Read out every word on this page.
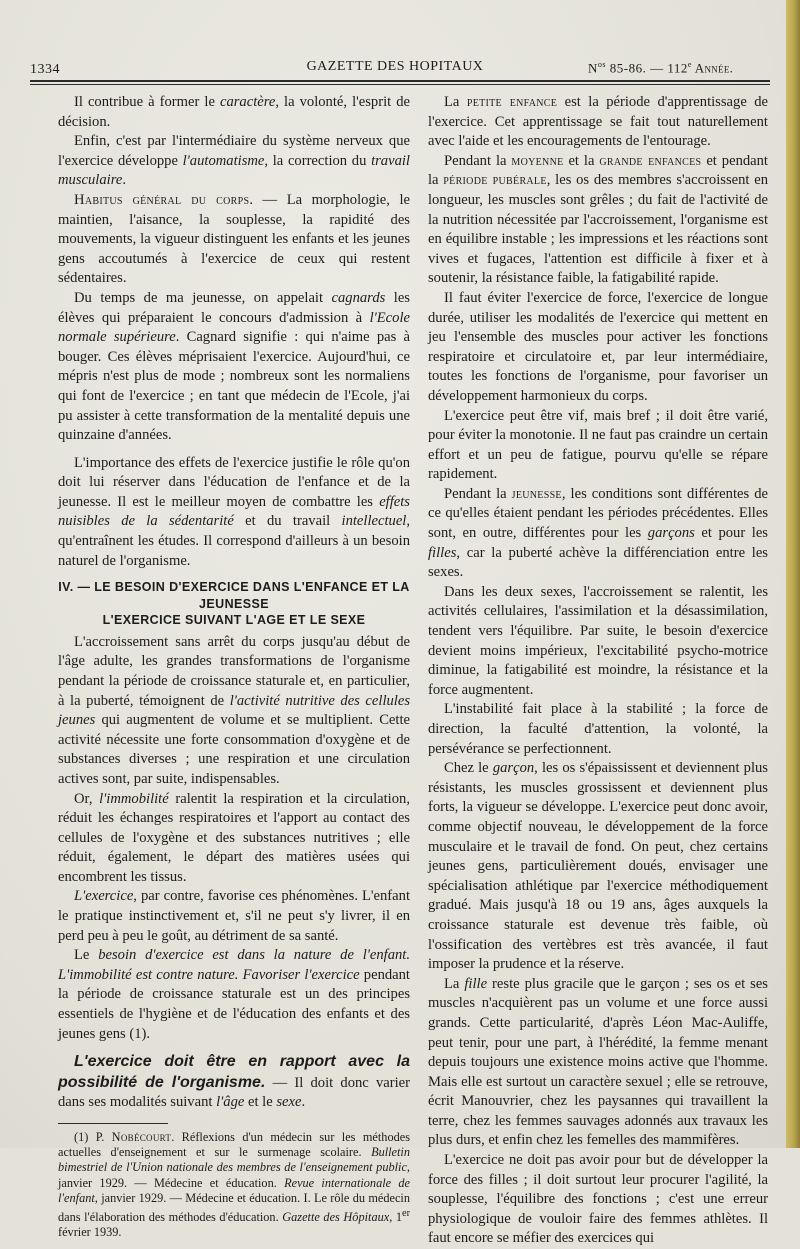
1334	GAZETTE DES HOPITAUX	$N^{os}$ 85-86. — 112e Année.

Il contribue à former le caractère, la volonté, l'esprit de décision.

Enfin, c'est par l'intermédiaire du système nerveux que l'exercice développe l'automatisme, la correction du travail musculaire.

Habitus général du corps. — La morphologie, le maintien, l'aisance, la souplesse, la rapidité des mouvements, la vigueur distinguent les enfants et les jeunes gens accoutumés à l'exercice de ceux qui restent sédentaires.

Du temps de ma jeunesse, on appelait cagnards les élèves qui préparaient le concours d'admission à l'Ecole normale supérieure. Cagnard signifie : qui n'aime pas à bouger. Ces élèves méprisaient l'exercice. Aujourd'hui, ce mépris n'est plus de mode ; nombreux sont les normaliens qui font de l'exercice ; en tant que médecin de l'Ecole, j'ai pu assister à cette transformation de la mentalité depuis une quinzaine d'années.

L'importance des effets de l'exercice justifie le rôle qu'on doit lui réserver dans l'éducation de l'enfance et de la jeunesse. Il est le meilleur moyen de combattre les effets nuisibles de la sédentarité et du travail intellectuel, qu'entraînent les études. Il correspond d'ailleurs à un besoin naturel de l'organisme.

IV. — LE BESOIN D'EXERCICE DANS L'ENFANCE ET LA JEUNESSE
L'EXERCICE SUIVANT L'AGE ET LE SEXE

L'accroissement sans arrêt du corps jusqu'au début de l'âge adulte, les grandes transformations de l'organisme pendant la période de croissance staturale et, en particulier, à la puberté, témoignent de l'activité nutritive des cellules jeunes qui augmentent de volume et se multiplient. Cette activité nécessite une forte consommation d'oxygène et de substances diverses ; une respiration et une circulation actives sont, par suite, indispensables.

Or, l'immobilité ralentit la respiration et la circulation, réduit les échanges respiratoires et l'apport au contact des cellules de l'oxygène et des substances nutritives ; elle réduit, également, le départ des matières usées qui encombrent les tissus.

L'exercice, par contre, favorise ces phénomènes. L'enfant le pratique instinctivement et, s'il ne peut s'y livrer, il en perd peu à peu le goût, au détriment de sa santé.

Le besoin d'exercice est dans la nature de l'enfant. L'immobilité est contre nature. Favoriser l'exercice pendant la période de croissance staturale est un des principes essentiels de l'hygiène et de l'éducation des enfants et des jeunes gens (1).

L'exercice doit être en rapport avec la possibilité de l'organisme. — Il doit donc varier dans ses modalités suivant l'âge et le sexe.

(1) P. Nobécourt. Réflexions d'un médecin sur les méthodes actuelles d'enseignement et sur le surmenage scolaire. Bulletin bimestriel de l'Union nationale des membres de l'enseignement public, janvier 1929. — Médecine et éducation. Revue internationale de l'enfant, janvier 1929. — Médecine et éducation. I. Le rôle du médecin dans l'élaboration des méthodes d'éducation. Gazette des Hôpitaux, 1er février 1939.

La petite enfance est la période d'apprentissage de l'exercice. Cet apprentissage se fait tout naturellement avec l'aide et les encouragements de l'entourage.

Pendant la moyenne et la grande enfances et pendant la période pubérale, les os des membres s'accroissent en longueur, les muscles sont grêles ; du fait de l'activité de la nutrition nécessitée par l'accroissement, l'organisme est en équilibre instable ; les impressions et les réactions sont vives et fugaces, l'attention est difficile à fixer et à soutenir, la résistance faible, la fatigabilité rapide.

Il faut éviter l'exercice de force, l'exercice de longue durée, utiliser les modalités de l'exercice qui mettent en jeu l'ensemble des muscles pour activer les fonctions respiratoire et circulatoire et, par leur intermédiaire, toutes les fonctions de l'organisme, pour favoriser un développement harmonieux du corps.

L'exercice peut être vif, mais bref ; il doit être varié, pour éviter la monotonie. Il ne faut pas craindre un certain effort et un peu de fatigue, pourvu qu'elle se répare rapidement.

Pendant la jeunesse, les conditions sont différentes de ce qu'elles étaient pendant les périodes précédentes. Elles sont, en outre, différentes pour les garçons et pour les filles, car la puberté achève la différenciation entre les sexes.

Dans les deux sexes, l'accroissement se ralentit, les activités cellulaires, l'assimilation et la désassimilation, tendent vers l'équilibre. Par suite, le besoin d'exercice devient moins impérieux, l'excitabilité psycho-motrice diminue, la fatigabilité est moindre, la résistance et la force augmentent.

L'instabilité fait place à la stabilité ; la force de direction, la faculté d'attention, la volonté, la persévérance se perfectionnent.

Chez le garçon, les os s'épaississent et deviennent plus résistants, les muscles grossissent et deviennent plus forts, la vigueur se développe. L'exercice peut donc avoir, comme objectif nouveau, le développement de la force musculaire et le travail de fond. On peut, chez certains jeunes gens, particulièrement doués, envisager une spécialisation athlétique par l'exercice méthodiquement gradué. Mais jusqu'à 18 ou 19 ans, âges auxquels la croissance staturale est devenue très faible, où l'ossification des vertèbres est très avancée, il faut imposer la prudence et la réserve.

La fille reste plus gracile que le garçon ; ses os et ses muscles n'acquièrent pas un volume et une force aussi grands. Cette particularité, d'après Léon Mac-Auliffe, peut tenir, pour une part, à l'hérédité, la femme menant depuis toujours une existence moins active que l'homme. Mais elle est surtout un caractère sexuel ; elle se retrouve, écrit Manouvrier, chez les paysannes qui travaillent la terre, chez les femmes sauvages adonnés aux travaux les plus durs, et enfin chez les femelles des mammifères.

L'exercice ne doit pas avoir pour but de développer la force des filles ; il doit surtout leur procurer l'agilité, la souplesse, l'équilibre des fonctions ; c'est une erreur physiologique de vouloir faire des femmes athlètes. Il faut encore se méfier des exercices qui
